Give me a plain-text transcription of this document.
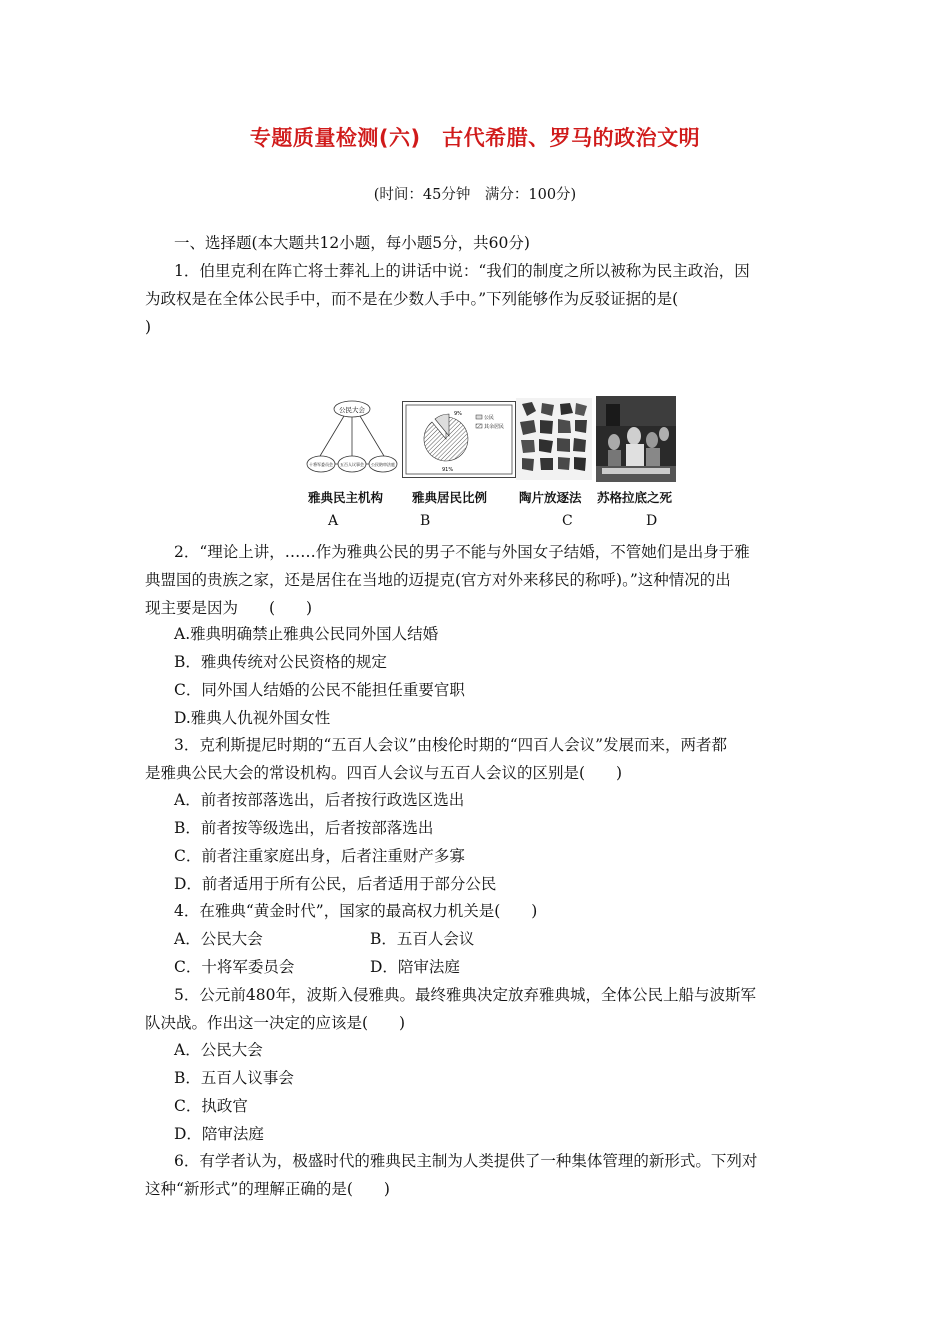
专题质量检测(六)　古代希腊、罗马的政治文明
(时间：45分钟　满分：100分)
一、选择题(本大题共12小题，每小题5分，共60分)
1．伯里克利在阵亡将士葬礼上的讲话中说：“我们的制度之所以被称为民主政治，因
为政权是在全体公民手中，而不是在少数人手中。”下列能够作为反驳证据的是(
)
公民大会
十将军委员会 五百人议事会 公民陪审法庭
9%
91%
公民
其余居民
雅典民主机构 雅典居民比例	陶片放逐法 苏格拉底之死
A	B	C	D
2．“理论上讲，……作为雅典公民的男子不能与外国女子结婚，不管她们是出身于雅
典盟国的贵族之家，还是居住在当地的迈提克(官方对外来移民的称呼)。”这种情况的出
现主要是因为　　(　　)
A.雅典明确禁止雅典公民同外国人结婚
B．雅典传统对公民资格的规定
C．同外国人结婚的公民不能担任重要官职
D.雅典人仇视外国女性
3．克利斯提尼时期的“五百人会议”由梭伦时期的“四百人会议”发展而来，两者都
是雅典公民大会的常设机构。四百人会议与五百人会议的区别是(　　)
A．前者按部落选出，后者按行政选区选出
B．前者按等级选出，后者按部落选出
C．前者注重家庭出身，后者注重财产多寡
D．前者适用于所有公民，后者适用于部分公民
4．在雅典“黄金时代”，国家的最高权力机关是(　　)
A．公民大会	B．五百人会议
C．十将军委员会	D．陪审法庭
5．公元前480年，波斯入侵雅典。最终雅典决定放弃雅典城，全体公民上船与波斯军
队决战。作出这一决定的应该是(　　)
A．公民大会
B．五百人议事会
C．执政官
D．陪审法庭
6．有学者认为，极盛时代的雅典民主制为人类提供了一种集体管理的新形式。下列对
这种“新形式”的理解正确的是(　　)
